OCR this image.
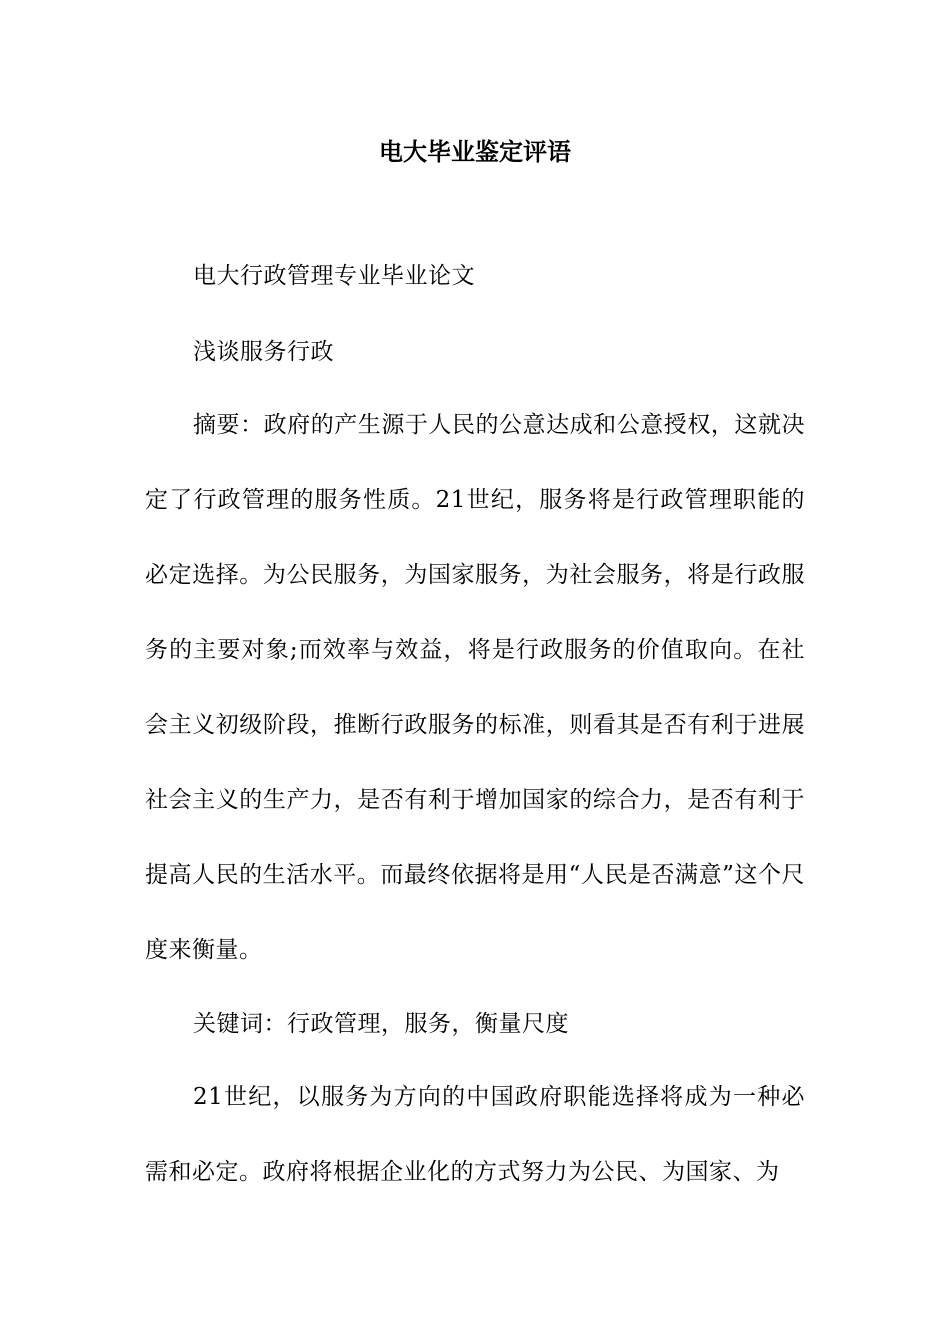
电大毕业鉴定评语
电大行政管理专业毕业论文
浅谈服务行政

摘要：政府的产生源于人民的公意达成和公意授权，这就决定了行政管理的服务性质。21世纪，服务将是行政管理职能的必定选择。为公民服务，为国家服务，为社会服务，将是行政服务的主要对象;而效率与效益，将是行政服务的价值取向。在社会主义初级阶段，推断行政服务的标准，则看其是否有利于进展社会主义的生产力，是否有利于增加国家的综合力，是否有利于提高人民的生活水平。而最终依据将是用“人民是否满意”这个尺度来衡量。

关键词：行政管理，服务，衡量尺度

21世纪，以服务为方向的中国政府职能选择将成为一种必需和必定。政府将根据企业化的方式努力为公民、为国家、为
